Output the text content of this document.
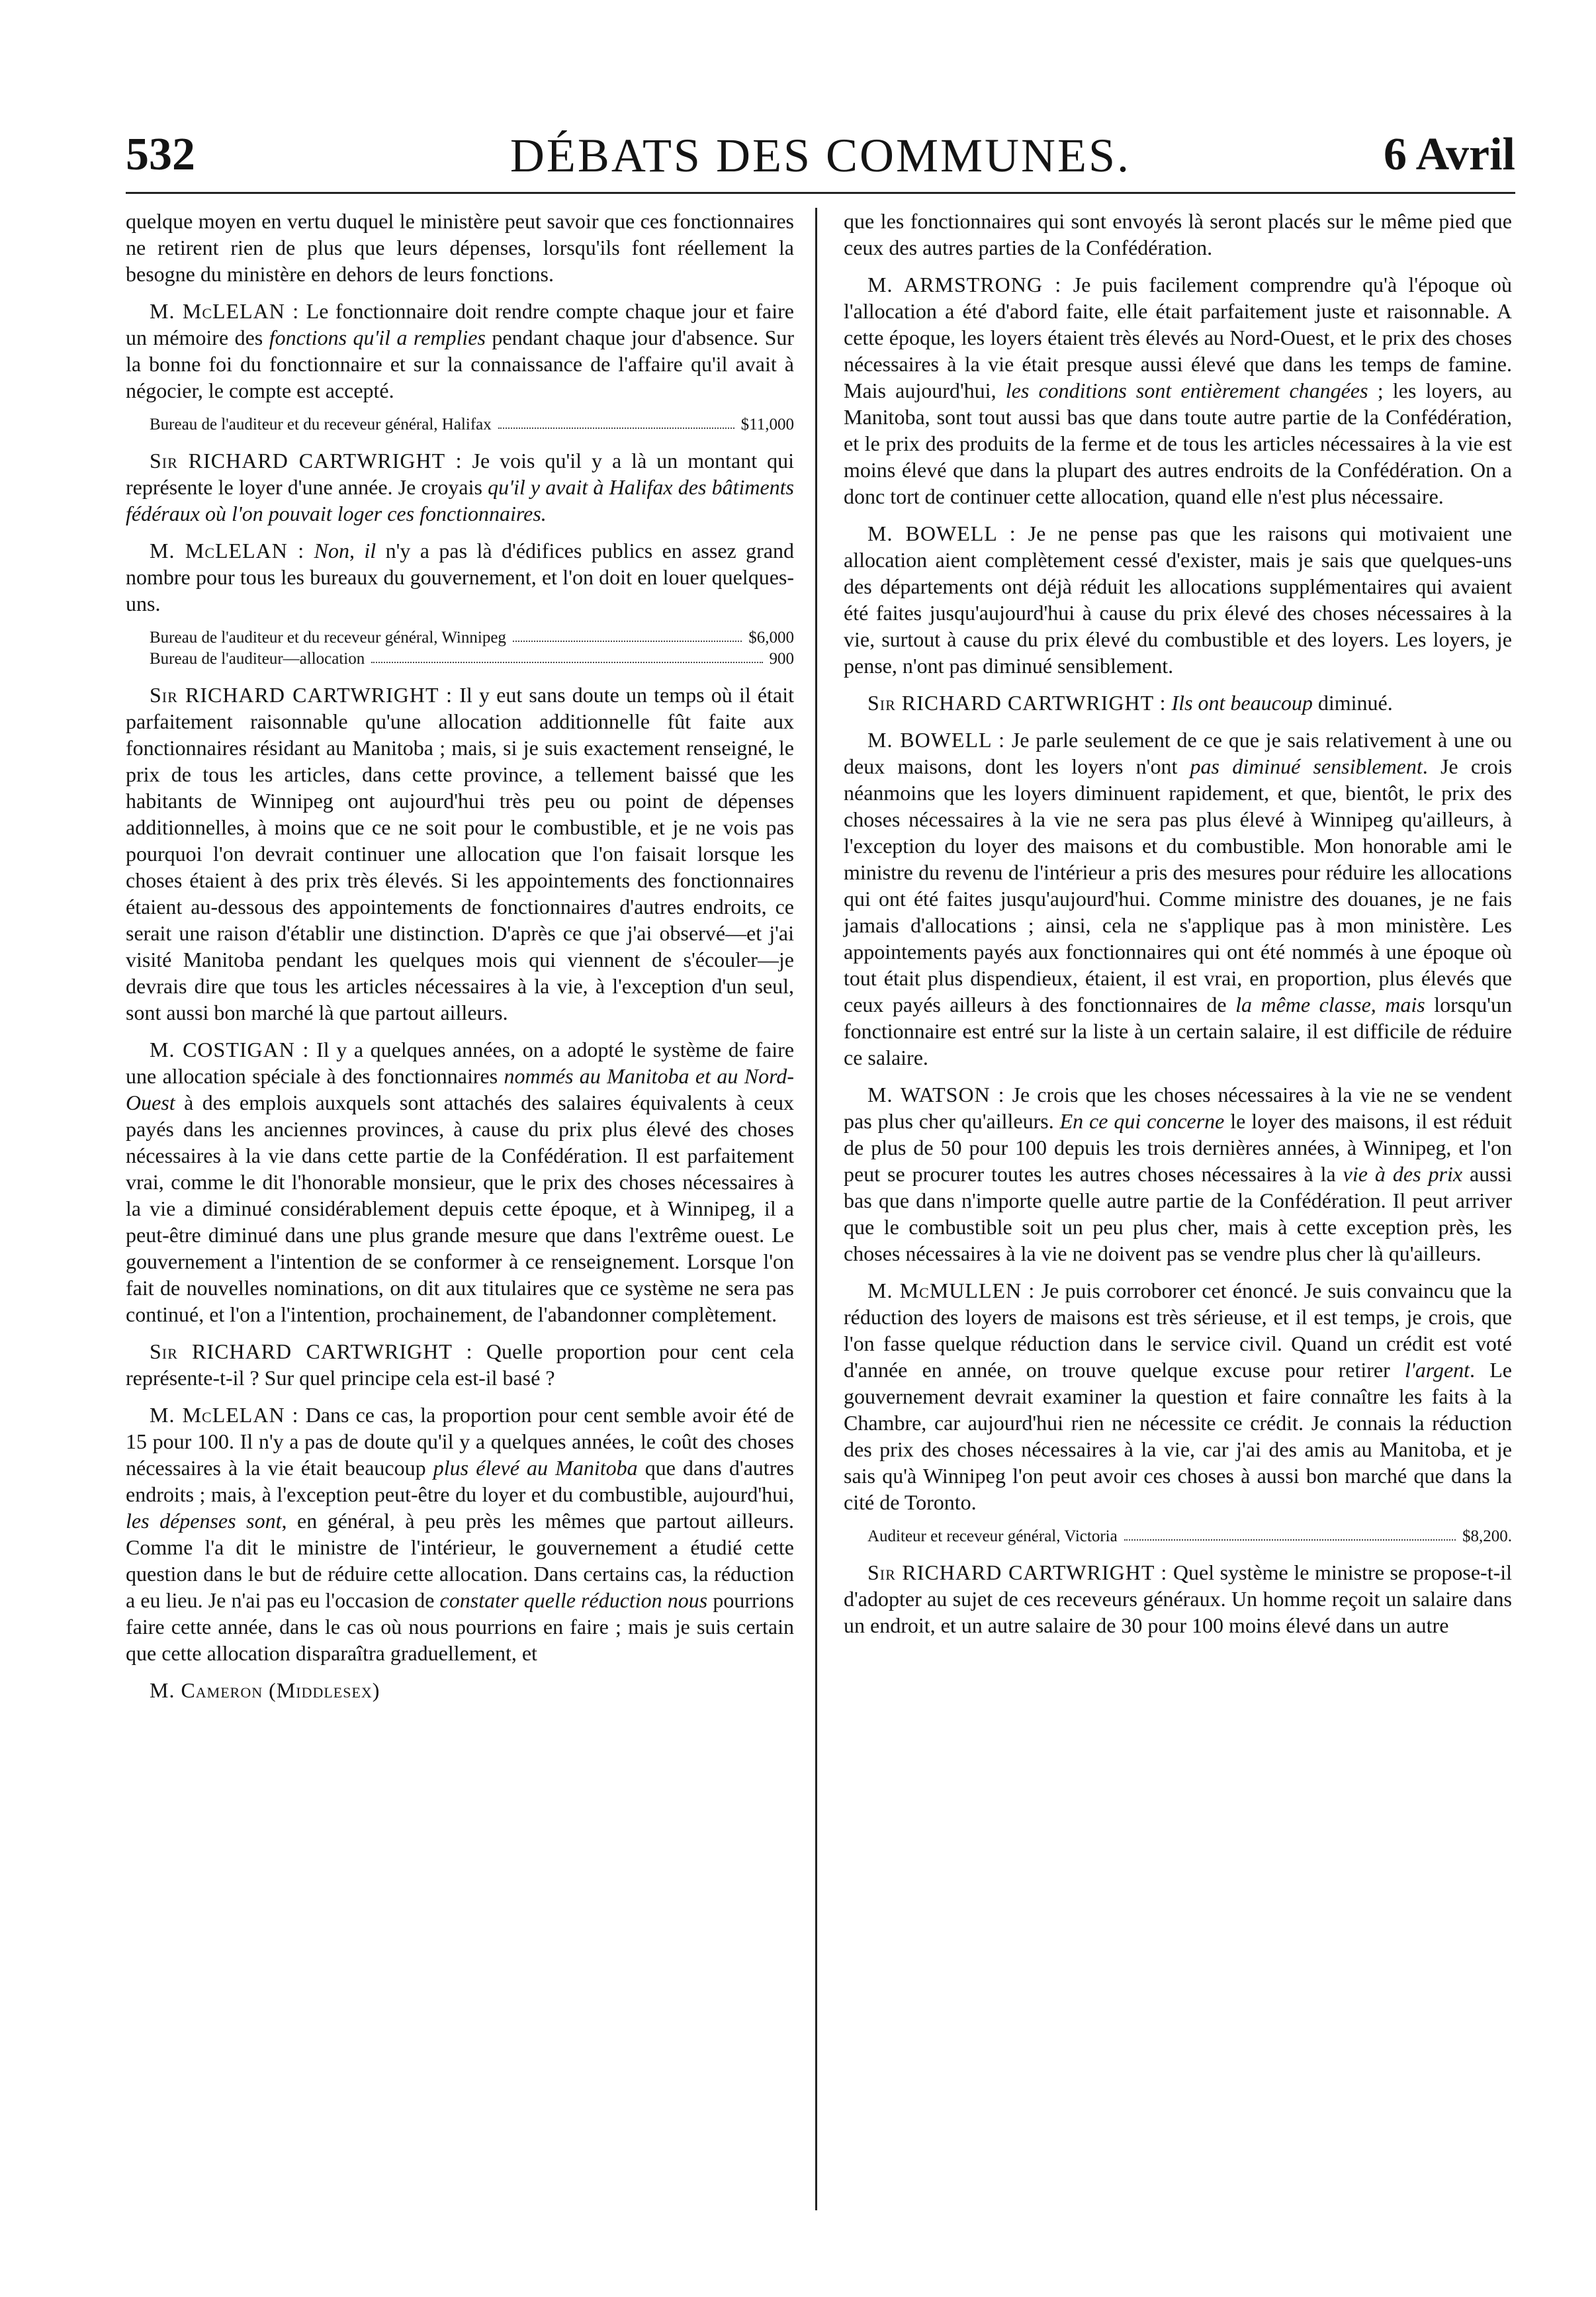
532	DÉBATS DES COMMUNES.	6 Avril

quelque moyen en vertu duquel le ministère peut savoir que ces fonctionnaires ne retirent rien de plus que leurs dépenses, lorsqu'ils font réellement la besogne du ministère en dehors de leurs fonctions.

M. McLELAN : Le fonctionnaire doit rendre compte chaque jour et faire un mémoire des fonctions qu'il a remplies pendant chaque jour d'absence. Sur la bonne foi du fonctionnaire et sur la connaissance de l'affaire qu'il avait à négocier, le compte est accepté.

Bureau de l'auditeur et du receveur général, Halifax	$11,000

Sir RICHARD CARTWRIGHT : Je vois qu'il y a là un montant qui représente le loyer d'une année. Je croyais qu'il y avait à Halifax des bâtiments fédéraux où l'on pouvait loger ces fonctionnaires.

M. McLELAN : Non, il n'y a pas là d'édifices publics en assez grand nombre pour tous les bureaux du gouvernement, et l'on doit en louer quelques-uns.

Bureau de l'auditeur et du receveur général, Winnipeg	$6,000
Bureau de l'auditeur—allocation	900

Sir RICHARD CARTWRIGHT : Il y eut sans doute un temps où il était parfaitement raisonnable qu'une allocation additionnelle fût faite aux fonctionnaires résidant au Manitoba ; mais, si je suis exactement renseigné, le prix de tous les articles, dans cette province, a tellement baissé que les habitants de Winnipeg ont aujourd'hui très peu ou point de dépenses additionnelles, à moins que ce ne soit pour le combustible, et je ne vois pas pourquoi l'on devrait continuer une allocation que l'on faisait lorsque les choses étaient à des prix très élevés. Si les appointements des fonctionnaires étaient au-dessous des appointements de fonctionnaires d'autres endroits, ce serait une raison d'établir une distinction. D'après ce que j'ai observé—et j'ai visité Manitoba pendant les quelques mois qui viennent de s'écouler—je devrais dire que tous les articles nécessaires à la vie, à l'exception d'un seul, sont aussi bon marché là que partout ailleurs.

M. COSTIGAN : Il y a quelques années, on a adopté le système de faire une allocation spéciale à des fonctionnaires nommés au Manitoba et au Nord-Ouest à des emplois auxquels sont attachés des salaires équivalents à ceux payés dans les anciennes provinces, à cause du prix plus élevé des choses nécessaires à la vie dans cette partie de la Confédération. Il est parfaitement vrai, comme le dit l'honorable monsieur, que le prix des choses nécessaires à la vie a diminué considérablement depuis cette époque, et à Winnipeg, il a peut-être diminué dans une plus grande mesure que dans l'extrême ouest. Le gouvernement a l'intention de se conformer à ce renseignement. Lorsque l'on fait de nouvelles nominations, on dit aux titulaires que ce système ne sera pas continué, et l'on a l'intention, prochainement, de l'abandonner complètement.

Sir RICHARD CARTWRIGHT : Quelle proportion pour cent cela représente-t-il ? Sur quel principe cela est-il basé ?

M. McLELAN : Dans ce cas, la proportion pour cent semble avoir été de 15 pour 100. Il n'y a pas de doute qu'il y a quelques années, le coût des choses nécessaires à la vie était beaucoup plus élevé au Manitoba que dans d'autres endroits ; mais, à l'exception peut-être du loyer et du combustible, aujourd'hui, les dépenses sont, en général, à peu près les mêmes que partout ailleurs. Comme l'a dit le ministre de l'intérieur, le gouvernement a étudié cette question dans le but de réduire cette allocation. Dans certains cas, la réduction a eu lieu. Je n'ai pas eu l'occasion de constater quelle réduction nous pourrions faire cette année, dans le cas où nous pourrions en faire ; mais je suis certain que cette allocation disparaîtra graduellement, et

M. Cameron (Middlesex)

que les fonctionnaires qui sont envoyés là seront placés sur le même pied que ceux des autres parties de la Confédération.

M. ARMSTRONG : Je puis facilement comprendre qu'à l'époque où l'allocation a été d'abord faite, elle était parfaitement juste et raisonnable. A cette époque, les loyers étaient très élevés au Nord-Ouest, et le prix des choses nécessaires à la vie était presque aussi élevé que dans les temps de famine. Mais aujourd'hui, les conditions sont entièrement changées ; les loyers, au Manitoba, sont tout aussi bas que dans toute autre partie de la Confédération, et le prix des produits de la ferme et de tous les articles nécessaires à la vie est moins élevé que dans la plupart des autres endroits de la Confédération. On a donc tort de continuer cette allocation, quand elle n'est plus nécessaire.

M. BOWELL : Je ne pense pas que les raisons qui motivaient une allocation aient complètement cessé d'exister, mais je sais que quelques-uns des départements ont déjà réduit les allocations supplémentaires qui avaient été faites jusqu'aujourd'hui à cause du prix élevé des choses nécessaires à la vie, surtout à cause du prix élevé du combustible et des loyers. Les loyers, je pense, n'ont pas diminué sensiblement.

Sir RICHARD CARTWRIGHT : Ils ont beaucoup diminué.

M. BOWELL : Je parle seulement de ce que je sais relativement à une ou deux maisons, dont les loyers n'ont pas diminué sensiblement. Je crois néanmoins que les loyers diminuent rapidement, et que, bientôt, le prix des choses nécessaires à la vie ne sera pas plus élevé à Winnipeg qu'ailleurs, à l'exception du loyer des maisons et du combustible. Mon honorable ami le ministre du revenu de l'intérieur a pris des mesures pour réduire les allocations qui ont été faites jusqu'aujourd'hui. Comme ministre des douanes, je ne fais jamais d'allocations ; ainsi, cela ne s'applique pas à mon ministère. Les appointements payés aux fonctionnaires qui ont été nommés à une époque où tout était plus dispendieux, étaient, il est vrai, en proportion, plus élevés que ceux payés ailleurs à des fonctionnaires de la même classe, mais lorsqu'un fonctionnaire est entré sur la liste à un certain salaire, il est difficile de réduire ce salaire.

M. WATSON : Je crois que les choses nécessaires à la vie ne se vendent pas plus cher qu'ailleurs. En ce qui concerne le loyer des maisons, il est réduit de plus de 50 pour 100 depuis les trois dernières années, à Winnipeg, et l'on peut se procurer toutes les autres choses nécessaires à la vie à des prix aussi bas que dans n'importe quelle autre partie de la Confédération. Il peut arriver que le combustible soit un peu plus cher, mais à cette exception près, les choses nécessaires à la vie ne doivent pas se vendre plus cher là qu'ailleurs.

M. McMULLEN : Je puis corroborer cet énoncé. Je suis convaincu que la réduction des loyers de maisons est très sérieuse, et il est temps, je crois, que l'on fasse quelque réduction dans le service civil. Quand un crédit est voté d'année en année, on trouve quelque excuse pour retirer l'argent. Le gouvernement devrait examiner la question et faire connaître les faits à la Chambre, car aujourd'hui rien ne nécessite ce crédit. Je connais la réduction des prix des choses nécessaires à la vie, car j'ai des amis au Manitoba, et je sais qu'à Winnipeg l'on peut avoir ces choses à aussi bon marché que dans la cité de Toronto.

Auditeur et receveur général, Victoria	$8,200.

Sir RICHARD CARTWRIGHT : Quel système le ministre se propose-t-il d'adopter au sujet de ces receveurs généraux. Un homme reçoit un salaire dans un endroit, et un autre salaire de 30 pour 100 moins élevé dans un autre
